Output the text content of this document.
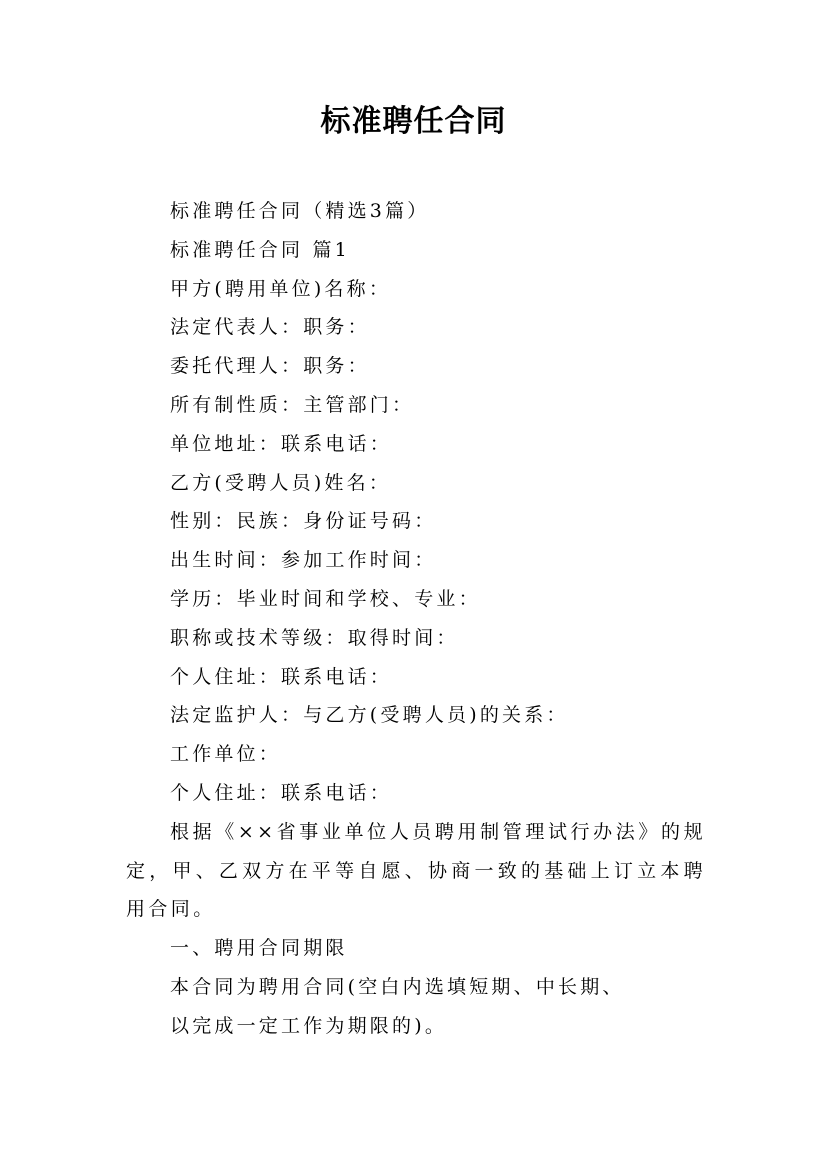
标准聘任合同
标准聘任合同（精选3篇）
标准聘任合同 篇1
甲方(聘用单位)名称：
法定代表人：职务：
委托代理人：职务：
所有制性质：主管部门：
单位地址：联系电话：
乙方(受聘人员)姓名：
性别：民族：身份证号码：
出生时间：参加工作时间：
学历：毕业时间和学校、专业：
职称或技术等级：取得时间：
个人住址：联系电话：
法定监护人：与乙方(受聘人员)的关系：
工作单位：
个人住址：联系电话：
根据《××省事业单位人员聘用制管理试行办法》的规定，甲、乙双方在平等自愿、协商一致的基础上订立本聘用合同。
一、聘用合同期限
本合同为聘用合同(空白内选填短期、中长期、
以完成一定工作为期限的)。
